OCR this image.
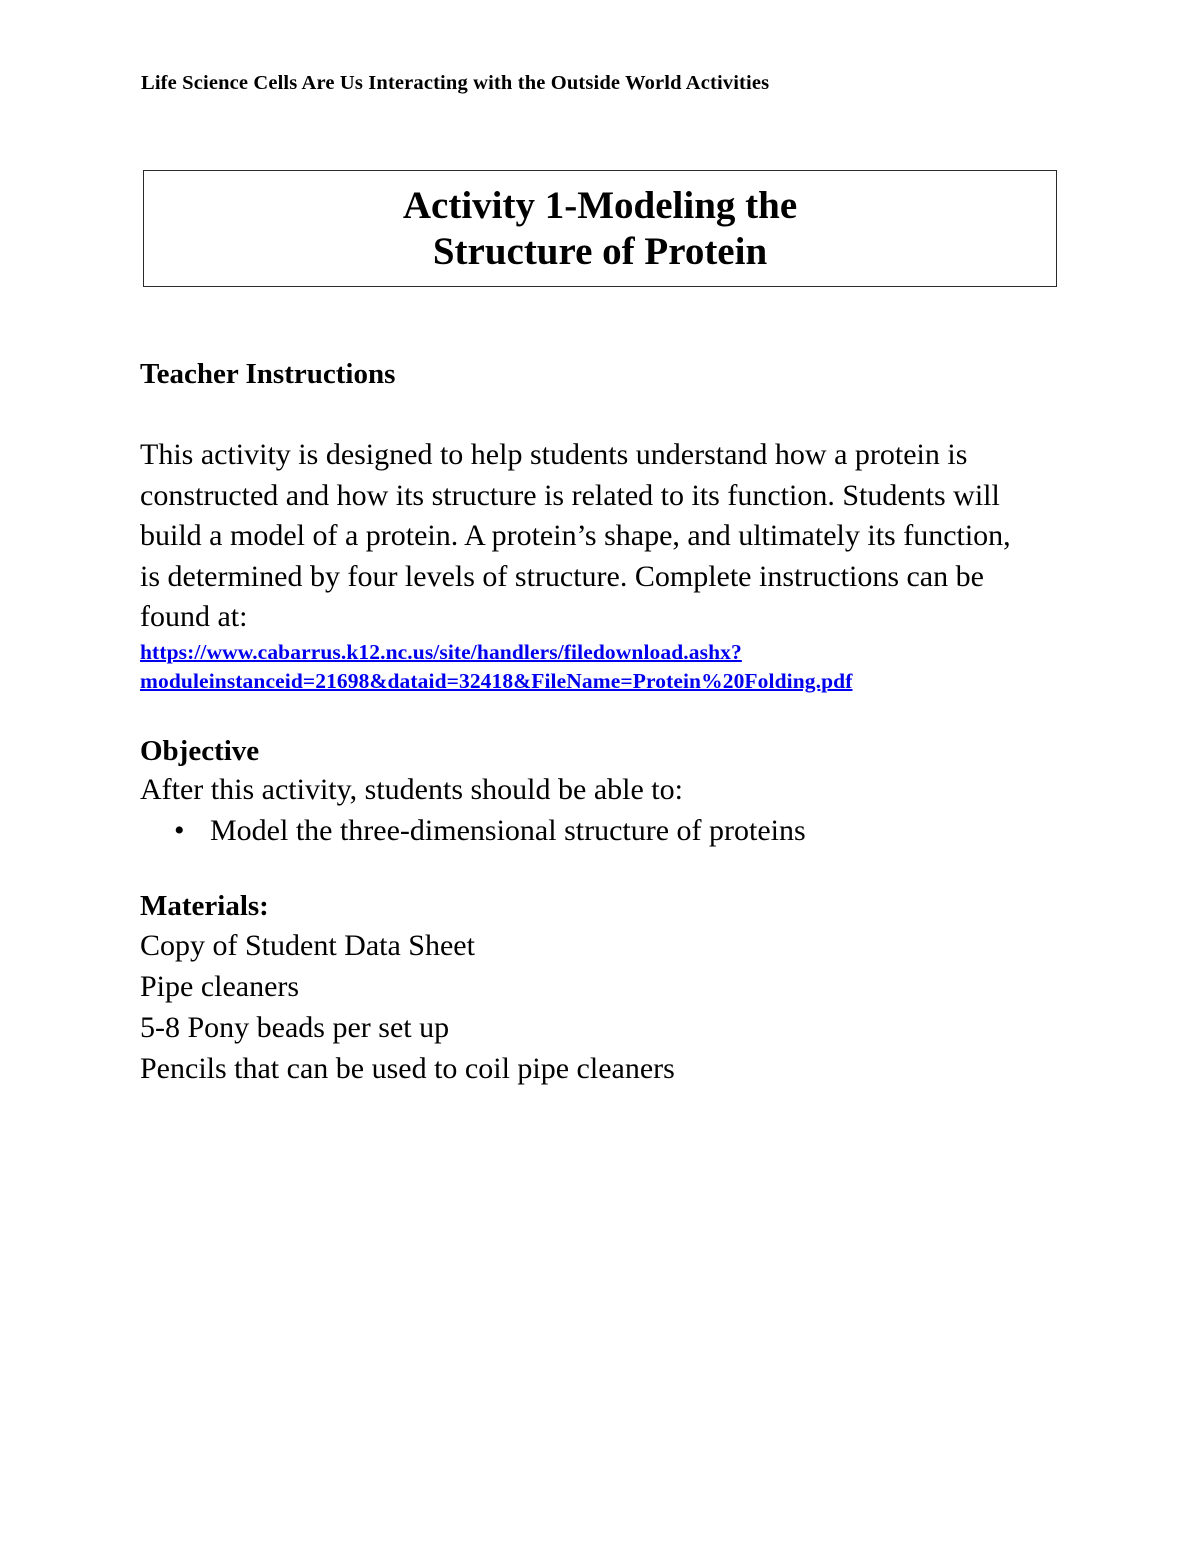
Life Science Cells Are Us Interacting with the Outside World Activities
Activity 1-Modeling the
Structure of Protein
Teacher Instructions

This activity is designed to help students understand how a protein is constructed and how its structure is related to its function. Students will build a model of a protein. A protein’s shape, and ultimately its function, is determined by four levels of structure. Complete instructions can be found at:

https://www.cabarrus.k12.nc.us/site/handlers/filedownload.ashx?
moduleinstanceid=21698&dataid=32418&FileName=Protein%20Folding.pdf
Objective

After this activity, students should be able to:

• Model the three-dimensional structure of proteins
Materials:

Copy of Student Data Sheet

Pipe cleaners

5-8 Pony beads per set up

Pencils that can be used to coil pipe cleaners
